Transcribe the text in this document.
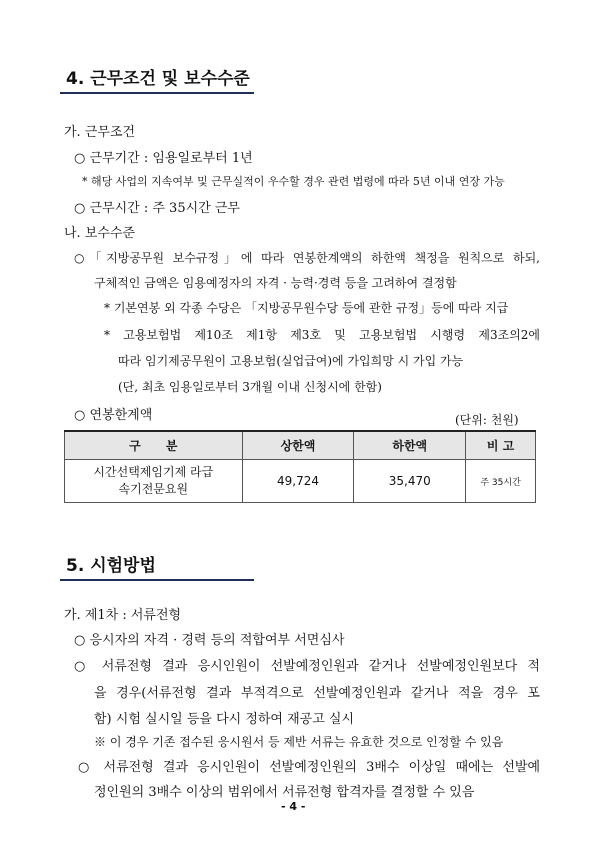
4. 근무조건 및 보수수준
가. 근무조건
○ 근무기간 : 임용일로부터 1년
* 해당 사업의 지속여부 및 근무실적이 우수할 경우 관련 법령에 따라 5년 이내 연장 가능
○ 근무시간 : 주 35시간 근무
나. 보수수준
○「지방공무원 보수규정」에 따라 연봉한계액의 하한액 책정을 원칙으로 하되,
구체적인 금액은 임용예정자의 자격 · 능력·경력 등을 고려하여 결정함
* 기본연봉 외 각종 수당은 「지방공무원수당 등에 관한 규정」등에 따라 지급
* 고용보험법 제10조 제1항 제3호 및 고용보험법 시행령 제3조의2에
따라 임기제공무원이 고용보험(실업급여)에 가입희망 시 가입 가능
(단, 최초 임용일로부터 3개월 이내 신청시에 한함)
○ 연봉한계액	(단위: 천원)
구      분	상한액	하한액	비 고

시간선택제임기제 라급
속기전문요원	49,724	35,470	주 35시간
5. 시험방법
가. 제1차 : 서류전형
○ 응시자의 자격 · 경력 등의 적합여부 서면심사
○ 서류전형 결과 응시인원이 선발예정인원과 같거나 선발예정인원보다 적
을 경우(서류전형 결과 부적격으로 선발예정인원과 같거나 적을 경우 포
함) 시험 실시일 등을 다시 정하여 재공고 실시
※ 이 경우 기존 접수된 응시원서 등 제반 서류는 유효한 것으로 인정할 수 있음
○ 서류전형 결과 응시인원이 선발예정인원의 3배수 이상일 때에는 선발예
정인원의 3배수 이상의 범위에서 서류전형 합격자를 결정할 수 있음
- 4 -
